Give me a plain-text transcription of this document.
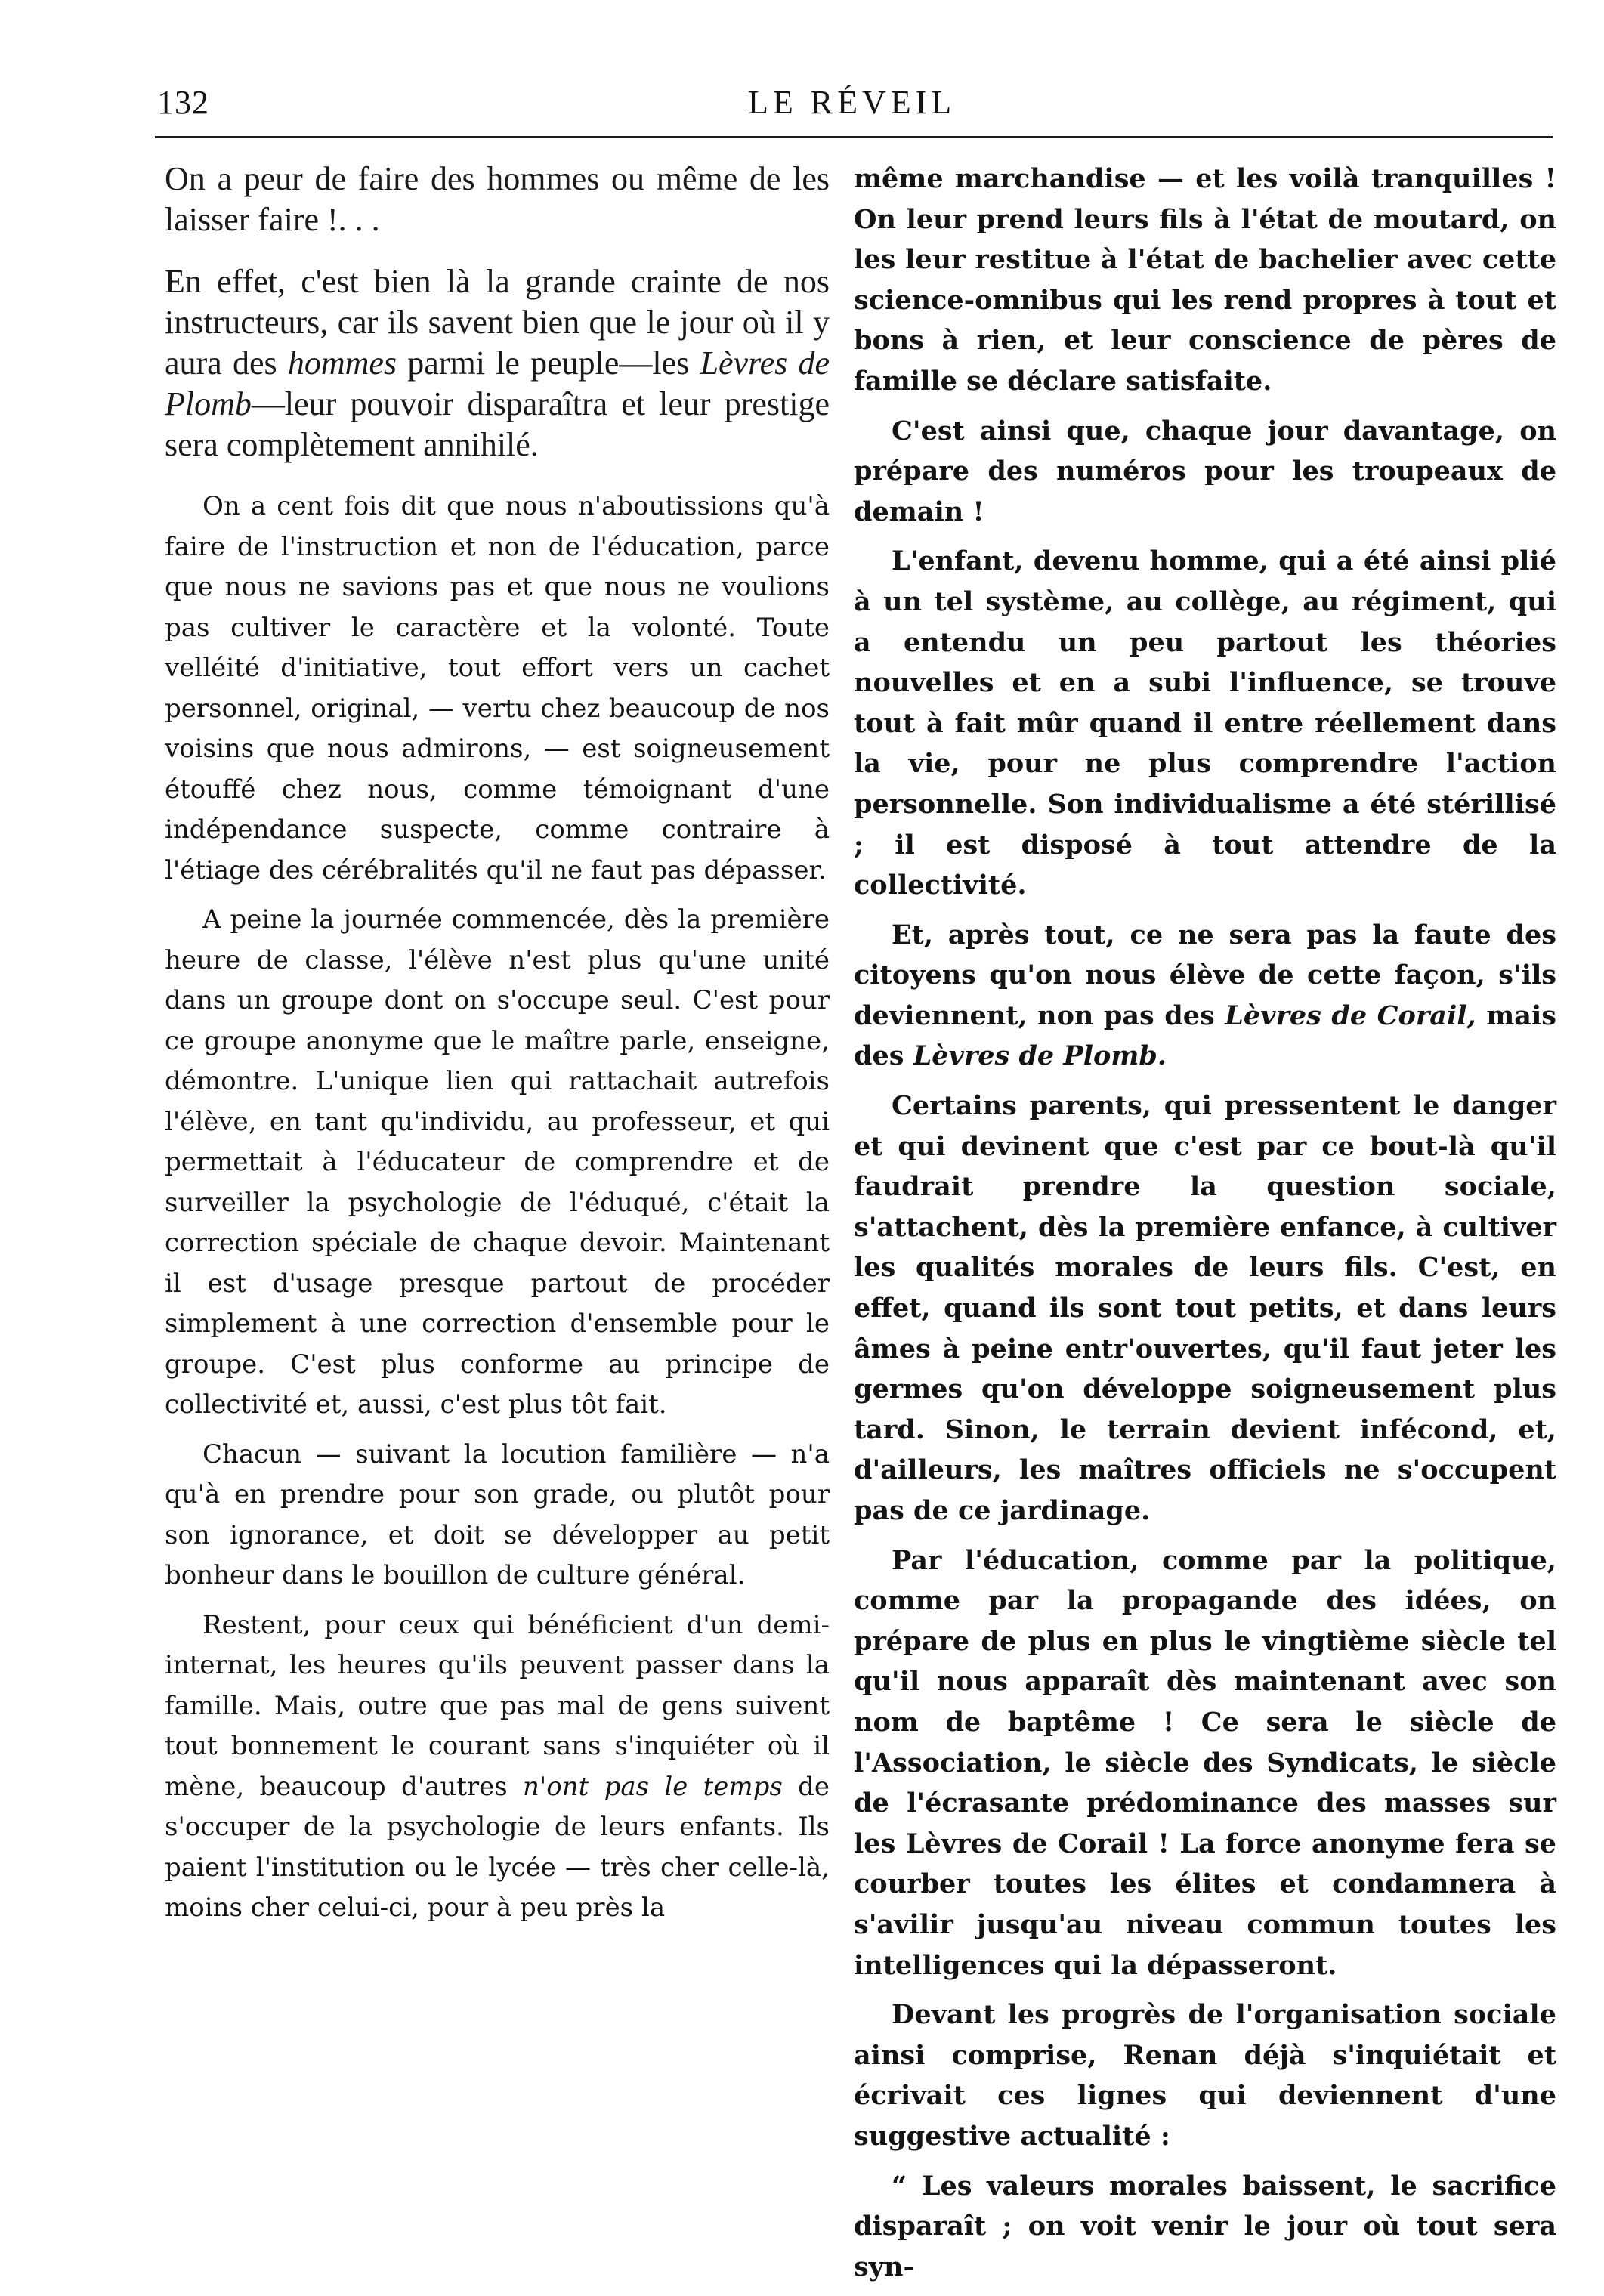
132	LE RÉVEIL

On a peur de faire des hommes ou même de les laisser faire !. . .

En effet, c'est bien là la grande crainte de nos instructeurs, car ils savent bien que le jour où il y aura des hommes parmi le peuple—les Lèvres de Plomb—leur pouvoir disparaîtra et leur prestige sera complètement annihilé.

On a cent fois dit que nous n'aboutissions qu'à faire de l'instruction et non de l'éducation, parce que nous ne savions pas et que nous ne voulions pas cultiver le caractère et la volonté. Toute velléité d'initiative, tout effort vers un cachet personnel, original, — vertu chez beaucoup de nos voisins que nous admirons, — est soigneusement étouffé chez nous, comme témoignant d'une indépendance suspecte, comme contraire à l'étiage des cérébralités qu'il ne faut pas dépasser.

A peine la journée commencée, dès la première heure de classe, l'élève n'est plus qu'une unité dans un groupe dont on s'occupe seul. C'est pour ce groupe anonyme que le maître parle, enseigne, démontre. L'unique lien qui rattachait autrefois l'élève, en tant qu'individu, au professeur, et qui permettait à l'éducateur de comprendre et de surveiller la psychologie de l'éduqué, c'était la correction spéciale de chaque devoir. Maintenant il est d'usage presque partout de procéder simplement à une correction d'ensemble pour le groupe. C'est plus conforme au principe de collectivité et, aussi, c'est plus tôt fait.

Chacun — suivant la locution familière — n'a qu'à en prendre pour son grade, ou plutôt pour son ignorance, et doit se développer au petit bonheur dans le bouillon de culture général.

Restent, pour ceux qui bénéficient d'un demi-internat, les heures qu'ils peuvent passer dans la famille. Mais, outre que pas mal de gens suivent tout bonnement le courant sans s'inquiéter où il mène, beaucoup d'autres n'ont pas le temps de s'occuper de la psychologie de leurs enfants. Ils paient l'institution ou le lycée — très cher celle-là, moins cher celui-ci, pour à peu près la

même marchandise — et les voilà tranquilles ! On leur prend leurs fils à l'état de moutard, on les leur restitue à l'état de bachelier avec cette science-omnibus qui les rend propres à tout et bons à rien, et leur conscience de pères de famille se déclare satisfaite.

C'est ainsi que, chaque jour davantage, on prépare des numéros pour les troupeaux de demain !

L'enfant, devenu homme, qui a été ainsi plié à un tel système, au collège, au régiment, qui a entendu un peu partout les théories nouvelles et en a subi l'influence, se trouve tout à fait mûr quand il entre réellement dans la vie, pour ne plus comprendre l'action personnelle. Son individualisme a été stérillisé ; il est disposé à tout attendre de la collectivité.

Et, après tout, ce ne sera pas la faute des citoyens qu'on nous élève de cette façon, s'ils deviennent, non pas des Lèvres de Corail, mais des Lèvres de Plomb.

Certains parents, qui pressentent le danger et qui devinent que c'est par ce bout-là qu'il faudrait prendre la question sociale, s'attachent, dès la première enfance, à cultiver les qualités morales de leurs fils. C'est, en effet, quand ils sont tout petits, et dans leurs âmes à peine entr'ouvertes, qu'il faut jeter les germes qu'on développe soigneusement plus tard. Sinon, le terrain devient infécond, et, d'ailleurs, les maîtres officiels ne s'occupent pas de ce jardinage.

Par l'éducation, comme par la politique, comme par la propagande des idées, on prépare de plus en plus le vingtième siècle tel qu'il nous apparaît dès maintenant avec son nom de baptême ! Ce sera le siècle de l'Association, le siècle des Syndicats, le siècle de l'écrasante prédominance des masses sur les Lèvres de Corail ! La force anonyme fera se courber toutes les élites et condamnera à s'avilir jusqu'au niveau commun toutes les intelligences qui la dépasseront.

Devant les progrès de l'organisation sociale ainsi comprise, Renan déjà s'inquiétait et écrivait ces lignes qui deviennent d'une suggestive actualité :

“ Les valeurs morales baissent, le sacrifice disparaît ; on voit venir le jour où tout sera syn-
